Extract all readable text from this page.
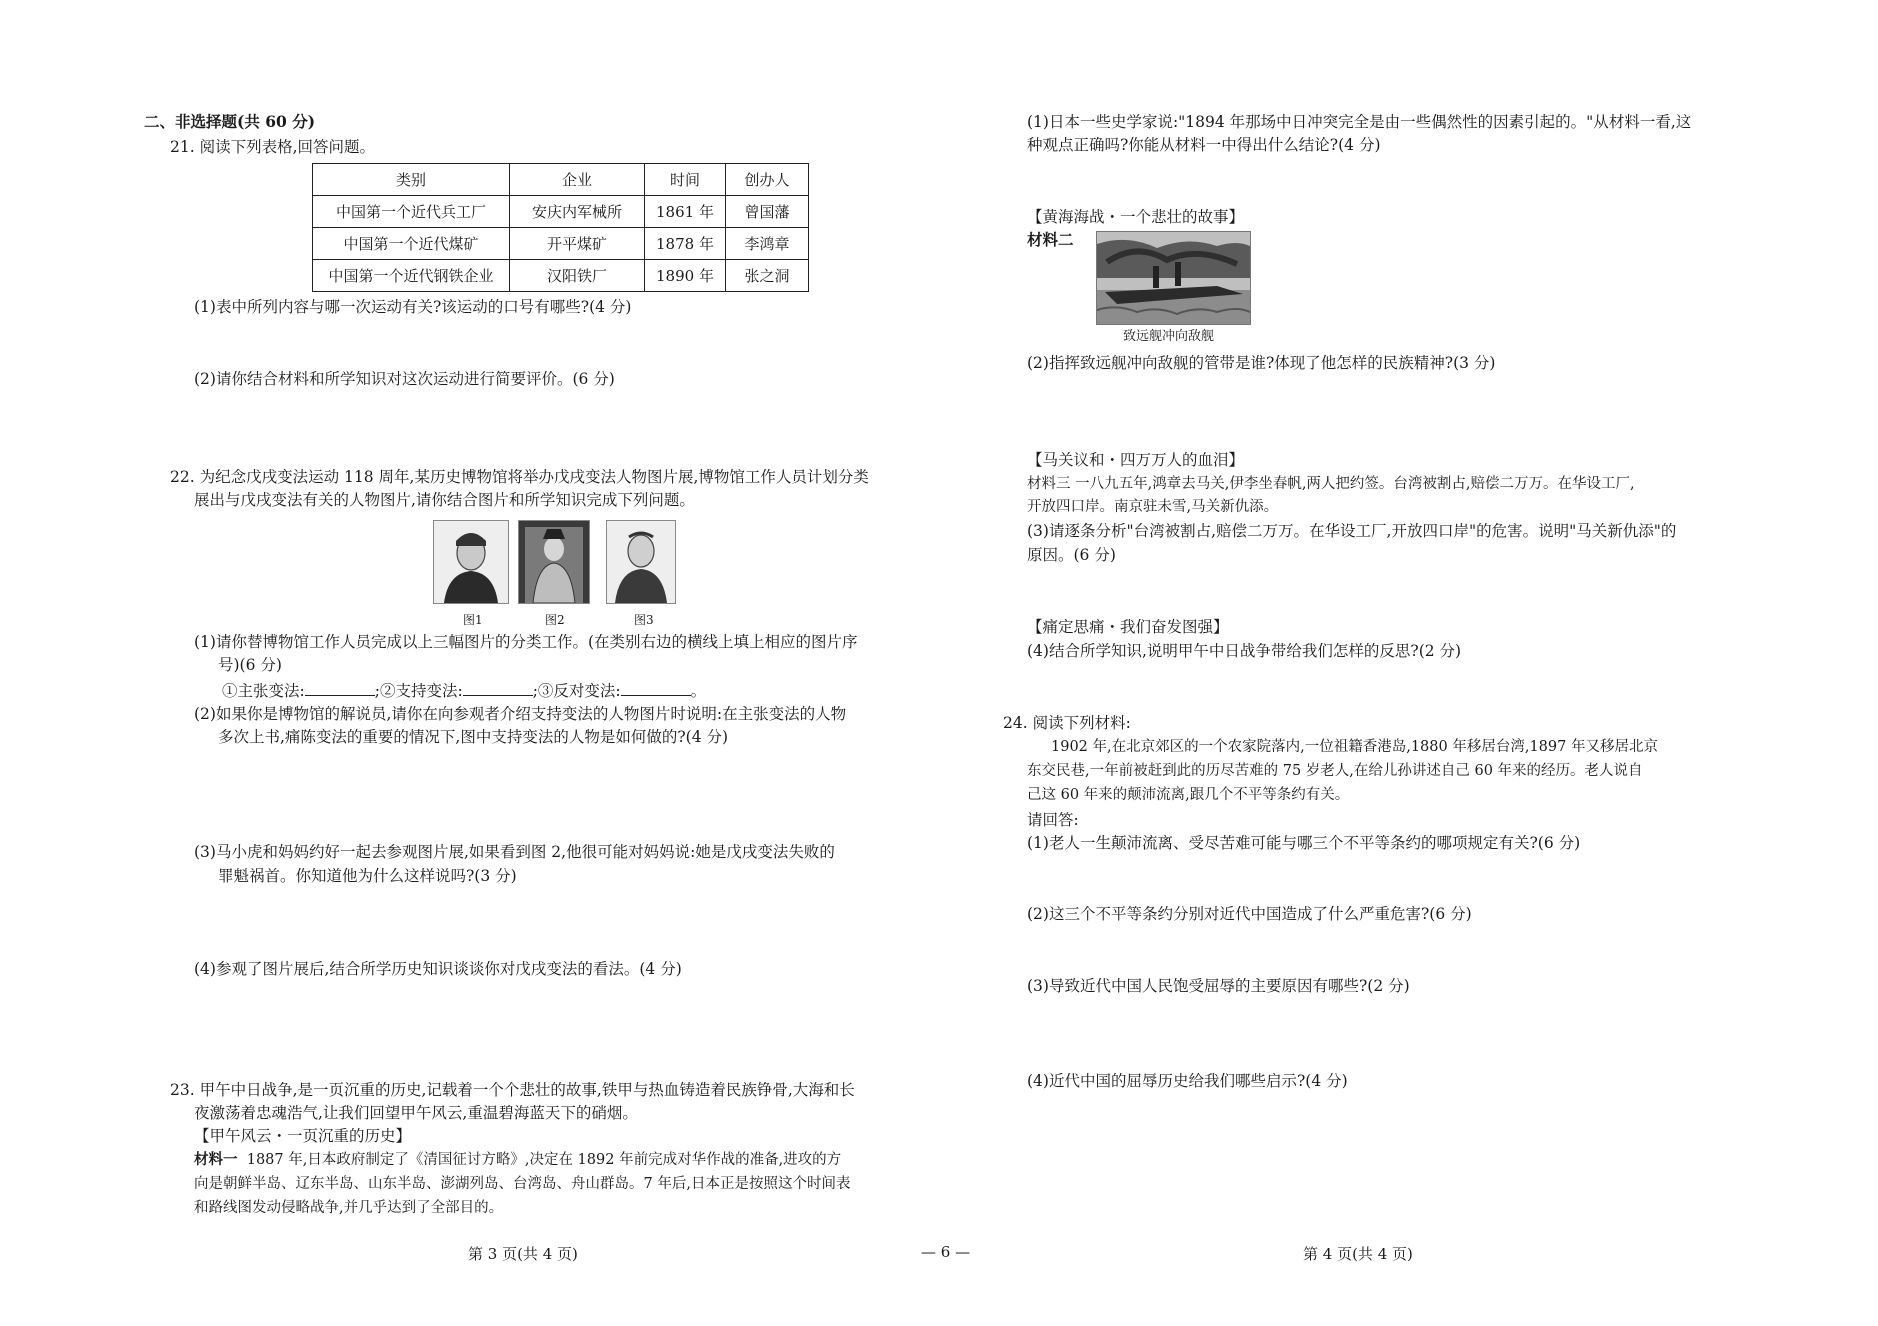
二、非选择题(共 60 分)
21. 阅读下列表格,回答问题。
类别	企业	时间	创办人
中国第一个近代兵工厂	安庆内军械所	1861 年	曾国藩
中国第一个近代煤矿	开平煤矿	1878 年	李鸿章
中国第一个近代钢铁企业	汉阳铁厂	1890 年	张之洞
(1)表中所列内容与哪一次运动有关?该运动的口号有哪些?(4 分)
(2)请你结合材料和所学知识对这次运动进行简要评价。(6 分)
22. 为纪念戊戌变法运动 118 周年,某历史博物馆将举办戊戌变法人物图片展,博物馆工作人员计划分类
展出与戊戌变法有关的人物图片,请你结合图片和所学知识完成下列问题。
图1	图2	图3
(1)请你替博物馆工作人员完成以上三幅图片的分类工作。(在类别右边的横线上填上相应的图片序
号)(6 分)
①主张变法:	;②支持变法:	;③反对变法:	。
(2)如果你是博物馆的解说员,请你在向参观者介绍支持变法的人物图片时说明:在主张变法的人物
多次上书,痛陈变法的重要的情况下,图中支持变法的人物是如何做的?(4 分)
(3)马小虎和妈妈约好一起去参观图片展,如果看到图 2,他很可能对妈妈说:她是戊戌变法失败的
罪魁祸首。你知道他为什么这样说吗?(3 分)
(4)参观了图片展后,结合所学历史知识谈谈你对戊戌变法的看法。(4 分)
23. 甲午中日战争,是一页沉重的历史,记载着一个个悲壮的故事,铁甲与热血铸造着民族铮骨,大海和长
夜激荡着忠魂浩气,让我们回望甲午风云,重温碧海蓝天下的硝烟。
【甲午风云・一页沉重的历史】
材料一 1887 年,日本政府制定了《清国征讨方略》,决定在 1892 年前完成对华作战的准备,进攻的方
向是朝鲜半岛、辽东半岛、山东半岛、澎湖列岛、台湾岛、舟山群岛。7 年后,日本正是按照这个时间表
和路线图发动侵略战争,并几乎达到了全部目的。
第 3 页(共 4 页)	— 6 —
(1)日本一些史学家说:"1894 年那场中日冲突完全是由一些偶然性的因素引起的。"从材料一看,这
种观点正确吗?你能从材料一中得出什么结论?(4 分)
【黄海海战・一个悲壮的故事】
材料二
致远舰冲向敌舰
(2)指挥致远舰冲向敌舰的管带是谁?体现了他怎样的民族精神?(3 分)
【马关议和・四万万人的血泪】
材料三 一八九五年,鸿章去马关,伊李坐春帆,两人把约签。台湾被割占,赔偿二万万。在华设工厂,
开放四口岸。南京驻未雪,马关新仇添。
(3)请逐条分析"台湾被割占,赔偿二万万。在华设工厂,开放四口岸"的危害。说明"马关新仇添"的
原因。(6 分)
【痛定思痛・我们奋发图强】
(4)结合所学知识,说明甲午中日战争带给我们怎样的反思?(2 分)
24. 阅读下列材料:
1902 年,在北京郊区的一个农家院落内,一位祖籍香港岛,1880 年移居台湾,1897 年又移居北京
东交民巷,一年前被赶到此的历尽苦难的 75 岁老人,在给儿孙讲述自己 60 年来的经历。老人说自
己这 60 年来的颠沛流离,跟几个不平等条约有关。
请回答:
(1)老人一生颠沛流离、受尽苦难可能与哪三个不平等条约的哪项规定有关?(6 分)
(2)这三个不平等条约分别对近代中国造成了什么严重危害?(6 分)
(3)导致近代中国人民饱受屈辱的主要原因有哪些?(2 分)
(4)近代中国的屈辱历史给我们哪些启示?(4 分)
第 4 页(共 4 页)
